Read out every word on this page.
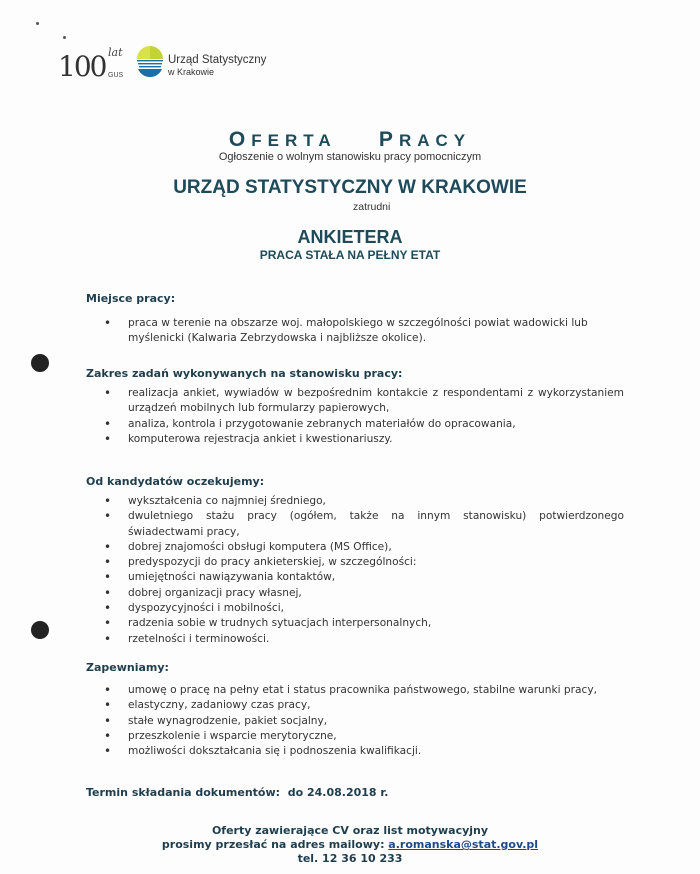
100 lat
GUS
Urząd Statystyczny
w Krakowie
OFERTA PRACY
Ogłoszenie o wolnym stanowisku pracy pomocniczym
URZĄD STATYSTYCZNY W KRAKOWIE
zatrudni
ANKIETERA
PRACA STAŁA NA PEŁNY ETAT
Miejsce pracy:
• praca w terenie na obszarze woj. małopolskiego w szczególności powiat wadowicki lub myślenicki (Kalwaria Zebrzydowska i najbliższe okolice).
Zakres zadań wykonywanych na stanowisku pracy:
• realizacja ankiet, wywiadów w bezpośrednim kontakcie z respondentami z wykorzystaniem urządzeń mobilnych lub formularzy papierowych,
• analiza, kontrola i przygotowanie zebranych materiałów do opracowania,
• komputerowa rejestracja ankiet i kwestionariuszy.
Od kandydatów oczekujemy:
• wykształcenia co najmniej średniego,
• dwuletniego stażu pracy (ogółem, także na innym stanowisku) potwierdzonego świadectwami pracy,
• dobrej znajomości obsługi komputera (MS Office),
• predyspozycji do pracy ankieterskiej, w szczególności:
• umiejętności nawiązywania kontaktów,
• dobrej organizacji pracy własnej,
• dyspozycyjności i mobilności,
• radzenia sobie w trudnych sytuacjach interpersonalnych,
• rzetelności i terminowości.
Zapewniamy:
• umowę o pracę na pełny etat i status pracownika państwowego, stabilne warunki pracy,
• elastyczny, zadaniowy czas pracy,
• stałe wynagrodzenie, pakiet socjalny,
• przeszkolenie i wsparcie merytoryczne,
• możliwości dokształcania się i podnoszenia kwalifikacji.
Termin składania dokumentów:  do 24.08.2018 r.
Oferty zawierające CV oraz list motywacyjny
prosimy przesłać na adres mailowy: a.romanska@stat.gov.pl
tel. 12 36 10 233
